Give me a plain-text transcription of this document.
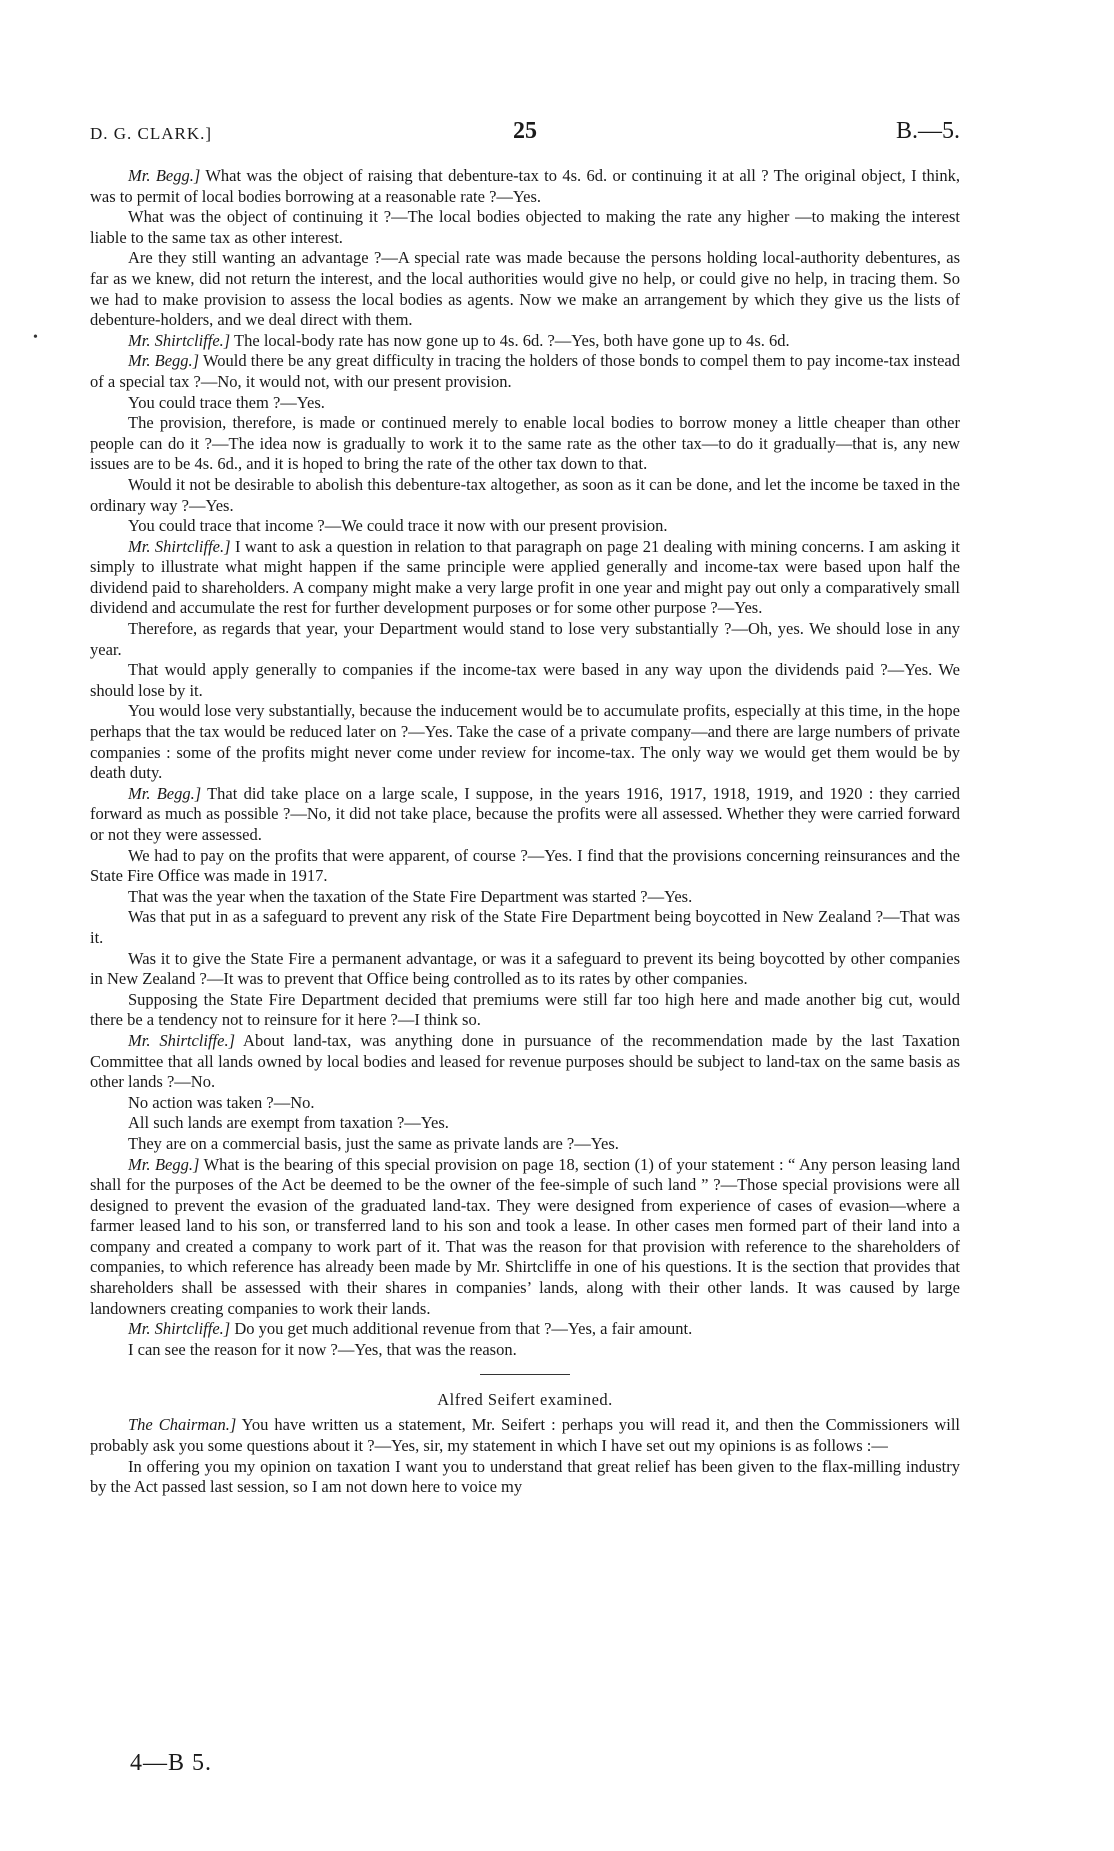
•
D. G. CLARK.]	25	B.—5.

Mr. Begg.] What was the object of raising that debenture-tax to 4s. 6d. or continuing it at all ? The original object, I think, was to permit of local bodies borrowing at a reasonable rate ?—Yes.

What was the object of continuing it ?—The local bodies objected to making the rate any higher —to making the interest liable to the same tax as other interest.

Are they still wanting an advantage ?—A special rate was made because the persons holding local-authority debentures, as far as we knew, did not return the interest, and the local authorities would give no help, or could give no help, in tracing them. So we had to make provision to assess the local bodies as agents. Now we make an arrangement by which they give us the lists of debenture-holders, and we deal direct with them.

Mr. Shirtcliffe.] The local-body rate has now gone up to 4s. 6d. ?—Yes, both have gone up to 4s. 6d.

Mr. Begg.] Would there be any great difficulty in tracing the holders of those bonds to compel them to pay income-tax instead of a special tax ?—No, it would not, with our present provision.

You could trace them ?—Yes.

The provision, therefore, is made or continued merely to enable local bodies to borrow money a little cheaper than other people can do it ?—The idea now is gradually to work it to the same rate as the other tax—to do it gradually—that is, any new issues are to be 4s. 6d., and it is hoped to bring the rate of the other tax down to that.

Would it not be desirable to abolish this debenture-tax altogether, as soon as it can be done, and let the income be taxed in the ordinary way ?—Yes.

You could trace that income ?—We could trace it now with our present provision.

Mr. Shirtcliffe.] I want to ask a question in relation to that paragraph on page 21 dealing with mining concerns. I am asking it simply to illustrate what might happen if the same principle were applied generally and income-tax were based upon half the dividend paid to shareholders. A company might make a very large profit in one year and might pay out only a comparatively small dividend and accumulate the rest for further development purposes or for some other purpose ?—Yes.

Therefore, as regards that year, your Department would stand to lose very substantially ?—Oh, yes. We should lose in any year.

That would apply generally to companies if the income-tax were based in any way upon the dividends paid ?—Yes. We should lose by it.

You would lose very substantially, because the inducement would be to accumulate profits, especially at this time, in the hope perhaps that the tax would be reduced later on ?—Yes. Take the case of a private company—and there are large numbers of private companies : some of the profits might never come under review for income-tax. The only way we would get them would be by death duty.

Mr. Begg.] That did take place on a large scale, I suppose, in the years 1916, 1917, 1918, 1919, and 1920 : they carried forward as much as possible ?—No, it did not take place, because the profits were all assessed. Whether they were carried forward or not they were assessed.

We had to pay on the profits that were apparent, of course ?—Yes. I find that the provisions concerning reinsurances and the State Fire Office was made in 1917.

That was the year when the taxation of the State Fire Department was started ?—Yes.

Was that put in as a safeguard to prevent any risk of the State Fire Department being boycotted in New Zealand ?—That was it.

Was it to give the State Fire a permanent advantage, or was it a safeguard to prevent its being boycotted by other companies in New Zealand ?—It was to prevent that Office being controlled as to its rates by other companies.

Supposing the State Fire Department decided that premiums were still far too high here and made another big cut, would there be a tendency not to reinsure for it here ?—I think so.

Mr. Shirtcliffe.] About land-tax, was anything done in pursuance of the recommendation made by the last Taxation Committee that all lands owned by local bodies and leased for revenue purposes should be subject to land-tax on the same basis as other lands ?—No.

No action was taken ?—No.

All such lands are exempt from taxation ?—Yes.

They are on a commercial basis, just the same as private lands are ?—Yes.

Mr. Begg.] What is the bearing of this special provision on page 18, section (1) of your statement : “ Any person leasing land shall for the purposes of the Act be deemed to be the owner of the fee-simple of such land ” ?—Those special provisions were all designed to prevent the evasion of the graduated land-tax. They were designed from experience of cases of evasion—where a farmer leased land to his son, or transferred land to his son and took a lease. In other cases men formed part of their land into a company and created a company to work part of it. That was the reason for that provision with reference to the shareholders of companies, to which reference has already been made by Mr. Shirtcliffe in one of his questions. It is the section that provides that shareholders shall be assessed with their shares in companies’ lands, along with their other lands. It was caused by large landowners creating companies to work their lands.

Mr. Shirtcliffe.] Do you get much additional revenue from that ?—Yes, a fair amount.

I can see the reason for it now ?—Yes, that was the reason.

Alfred Seifert examined.

The Chairman.] You have written us a statement, Mr. Seifert : perhaps you will read it, and then the Commissioners will probably ask you some questions about it ?—Yes, sir, my statement in which I have set out my opinions is as follows :—

In offering you my opinion on taxation I want you to understand that great relief has been given to the flax-milling industry by the Act passed last session, so I am not down here to voice my

4—B 5.
